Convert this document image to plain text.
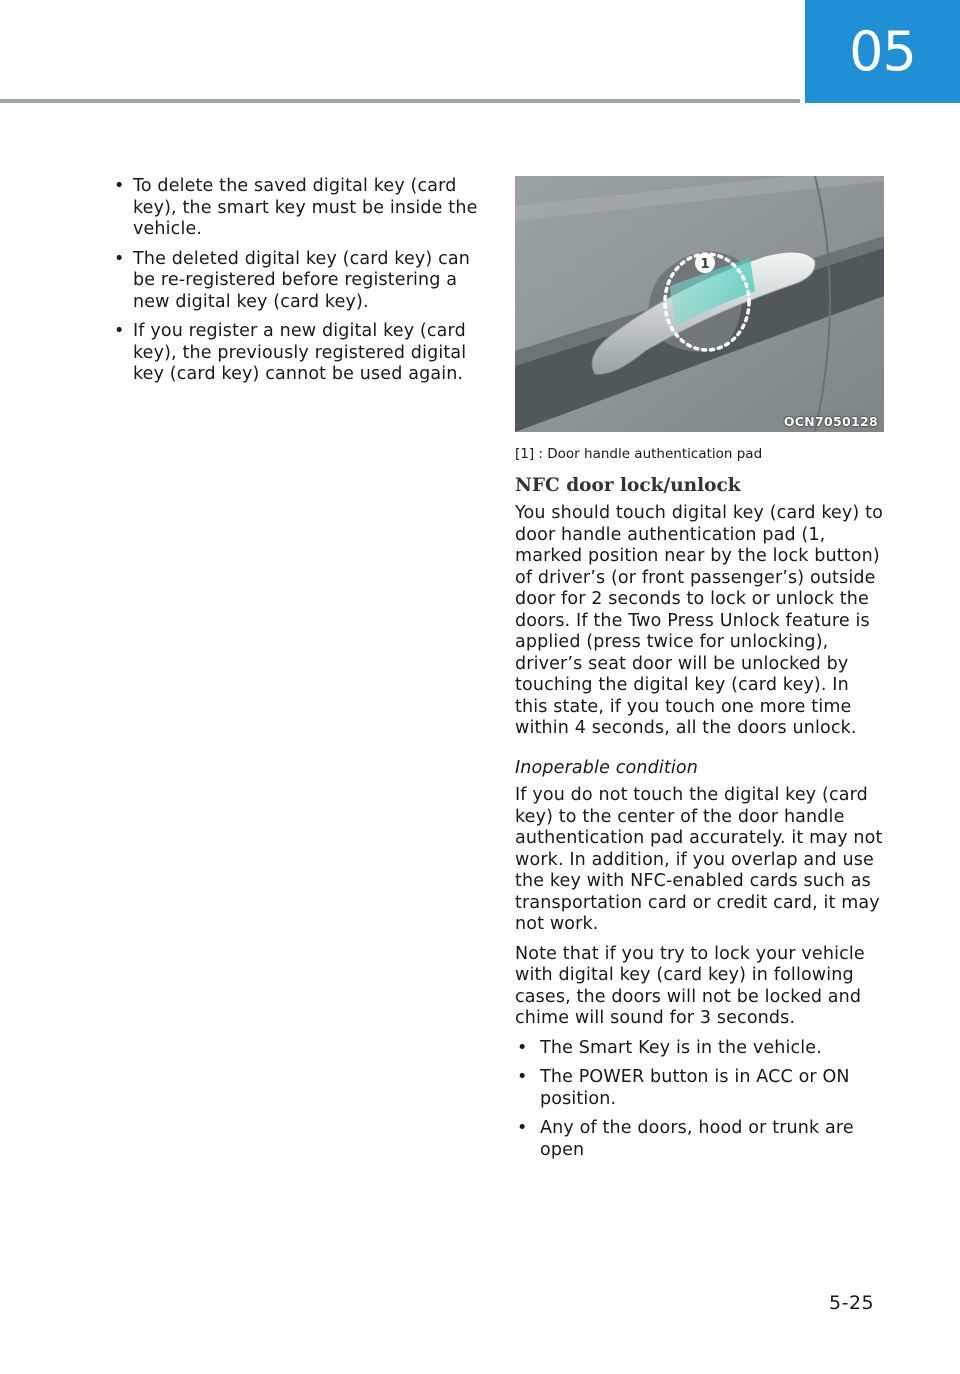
05
• To delete the saved digital key (card key), the smart key must be inside the vehicle.
• The deleted digital key (card key) can be re-registered before registering a new digital key (card key).
• If you register a new digital key (card key), the previously registered digital key (card key) cannot be used again.
1
OCN7050128
[1] : Door handle authentication pad
NFC door lock/unlock

You should touch digital key (card key) to door handle authentication pad (1, marked position near by the lock button) of driver’s (or front passenger’s) outside door for 2 seconds to lock or unlock the doors. If the Two Press Unlock feature is applied (press twice for unlocking), driver’s seat door will be unlocked by touching the digital key (card key). In this state, if you touch one more time within 4 seconds, all the doors unlock.

Inoperable condition

If you do not touch the digital key (card key) to the center of the door handle authentication pad accurately. it may not work. In addition, if you overlap and use the key with NFC-enabled cards such as transportation card or credit card, it may not work.

Note that if you try to lock your vehicle with digital key (card key) in following cases, the doors will not be locked and chime will sound for 3 seconds.

• The Smart Key is in the vehicle.
• The POWER button is in ACC or ON position.
• Any of the doors, hood or trunk are open
5-25
